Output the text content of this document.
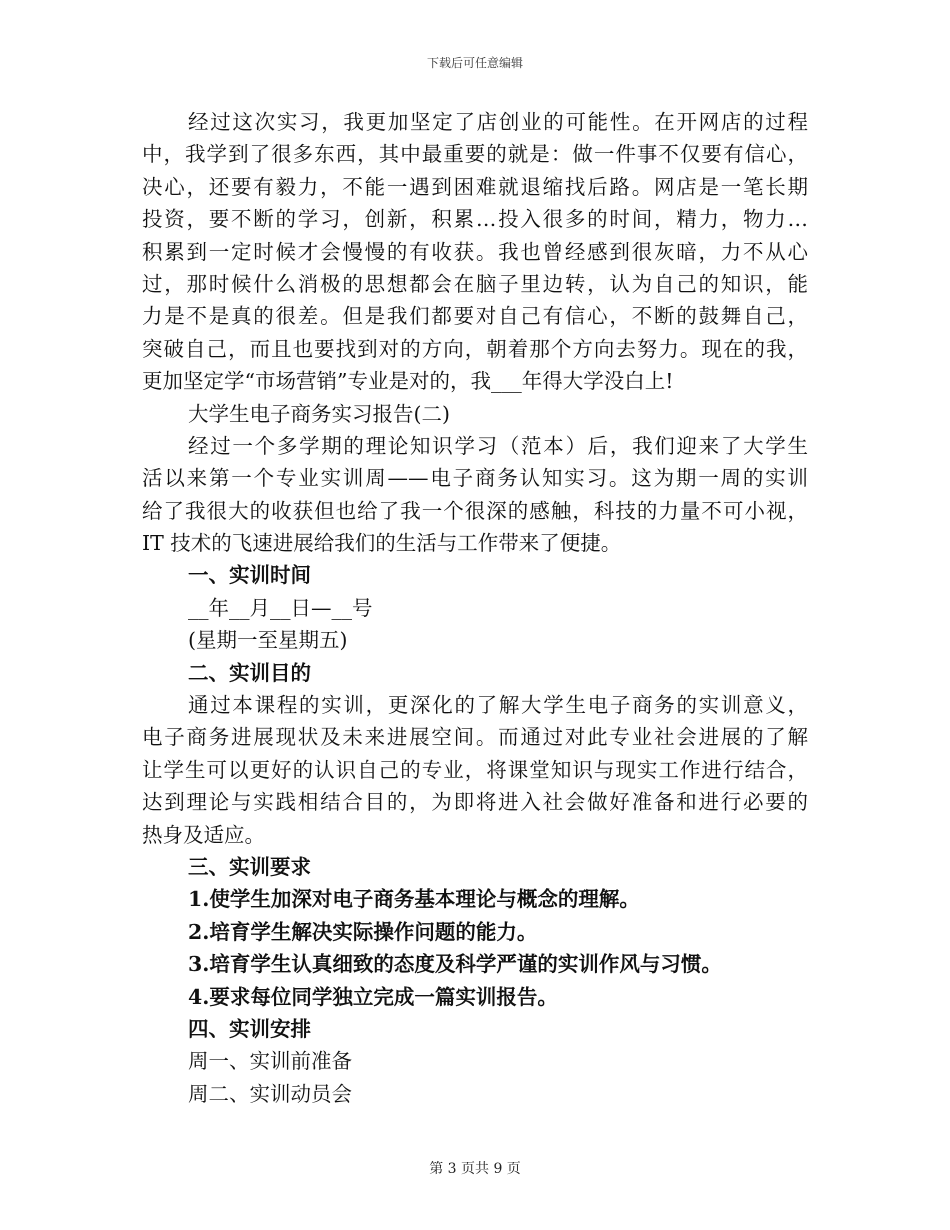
下载后可任意编辑
经过这次实习，我更加坚定了店创业的可能性。在开网店的过程
中，我学到了很多东西，其中最重要的就是：做一件事不仅要有信心，
决心，还要有毅力，不能一遇到困难就退缩找后路。网店是一笔长期
投资，要不断的学习，创新，积累…投入很多的时间，精力，物力…
积累到一定时候才会慢慢的有收获。我也曾经感到很灰暗，力不从心
过，那时候什么消极的思想都会在脑子里边转，认为自己的知识，能
力是不是真的很差。但是我们都要对自己有信心，不断的鼓舞自己，
突破自己，而且也要找到对的方向，朝着那个方向去努力。现在的我，
更加坚定学“市场营销”专业是对的，我___年得大学没白上!
大学生电子商务实习报告(二)
经过一个多学期的理论知识学习（范本）后，我们迎来了大学生
活以来第一个专业实训周——电子商务认知实习。这为期一周的实训
给了我很大的收获但也给了我一个很深的感触，科技的力量不可小视，
IT 技术的飞速进展给我们的生活与工作带来了便捷。
一、实训时间
__年__月__日—__号
(星期一至星期五)
二、实训目的
通过本课程的实训，更深化的了解大学生电子商务的实训意义，
电子商务进展现状及未来进展空间。而通过对此专业社会进展的了解
让学生可以更好的认识自己的专业，将课堂知识与现实工作进行结合，
达到理论与实践相结合目的，为即将进入社会做好准备和进行必要的
热身及适应。
三、实训要求
1.使学生加深对电子商务基本理论与概念的理解。
2.培育学生解决实际操作问题的能力。
3.培育学生认真细致的态度及科学严谨的实训作风与习惯。
4.要求每位同学独立完成一篇实训报告。
四、实训安排
周一、实训前准备
周二、实训动员会
第 3 页共 9 页
